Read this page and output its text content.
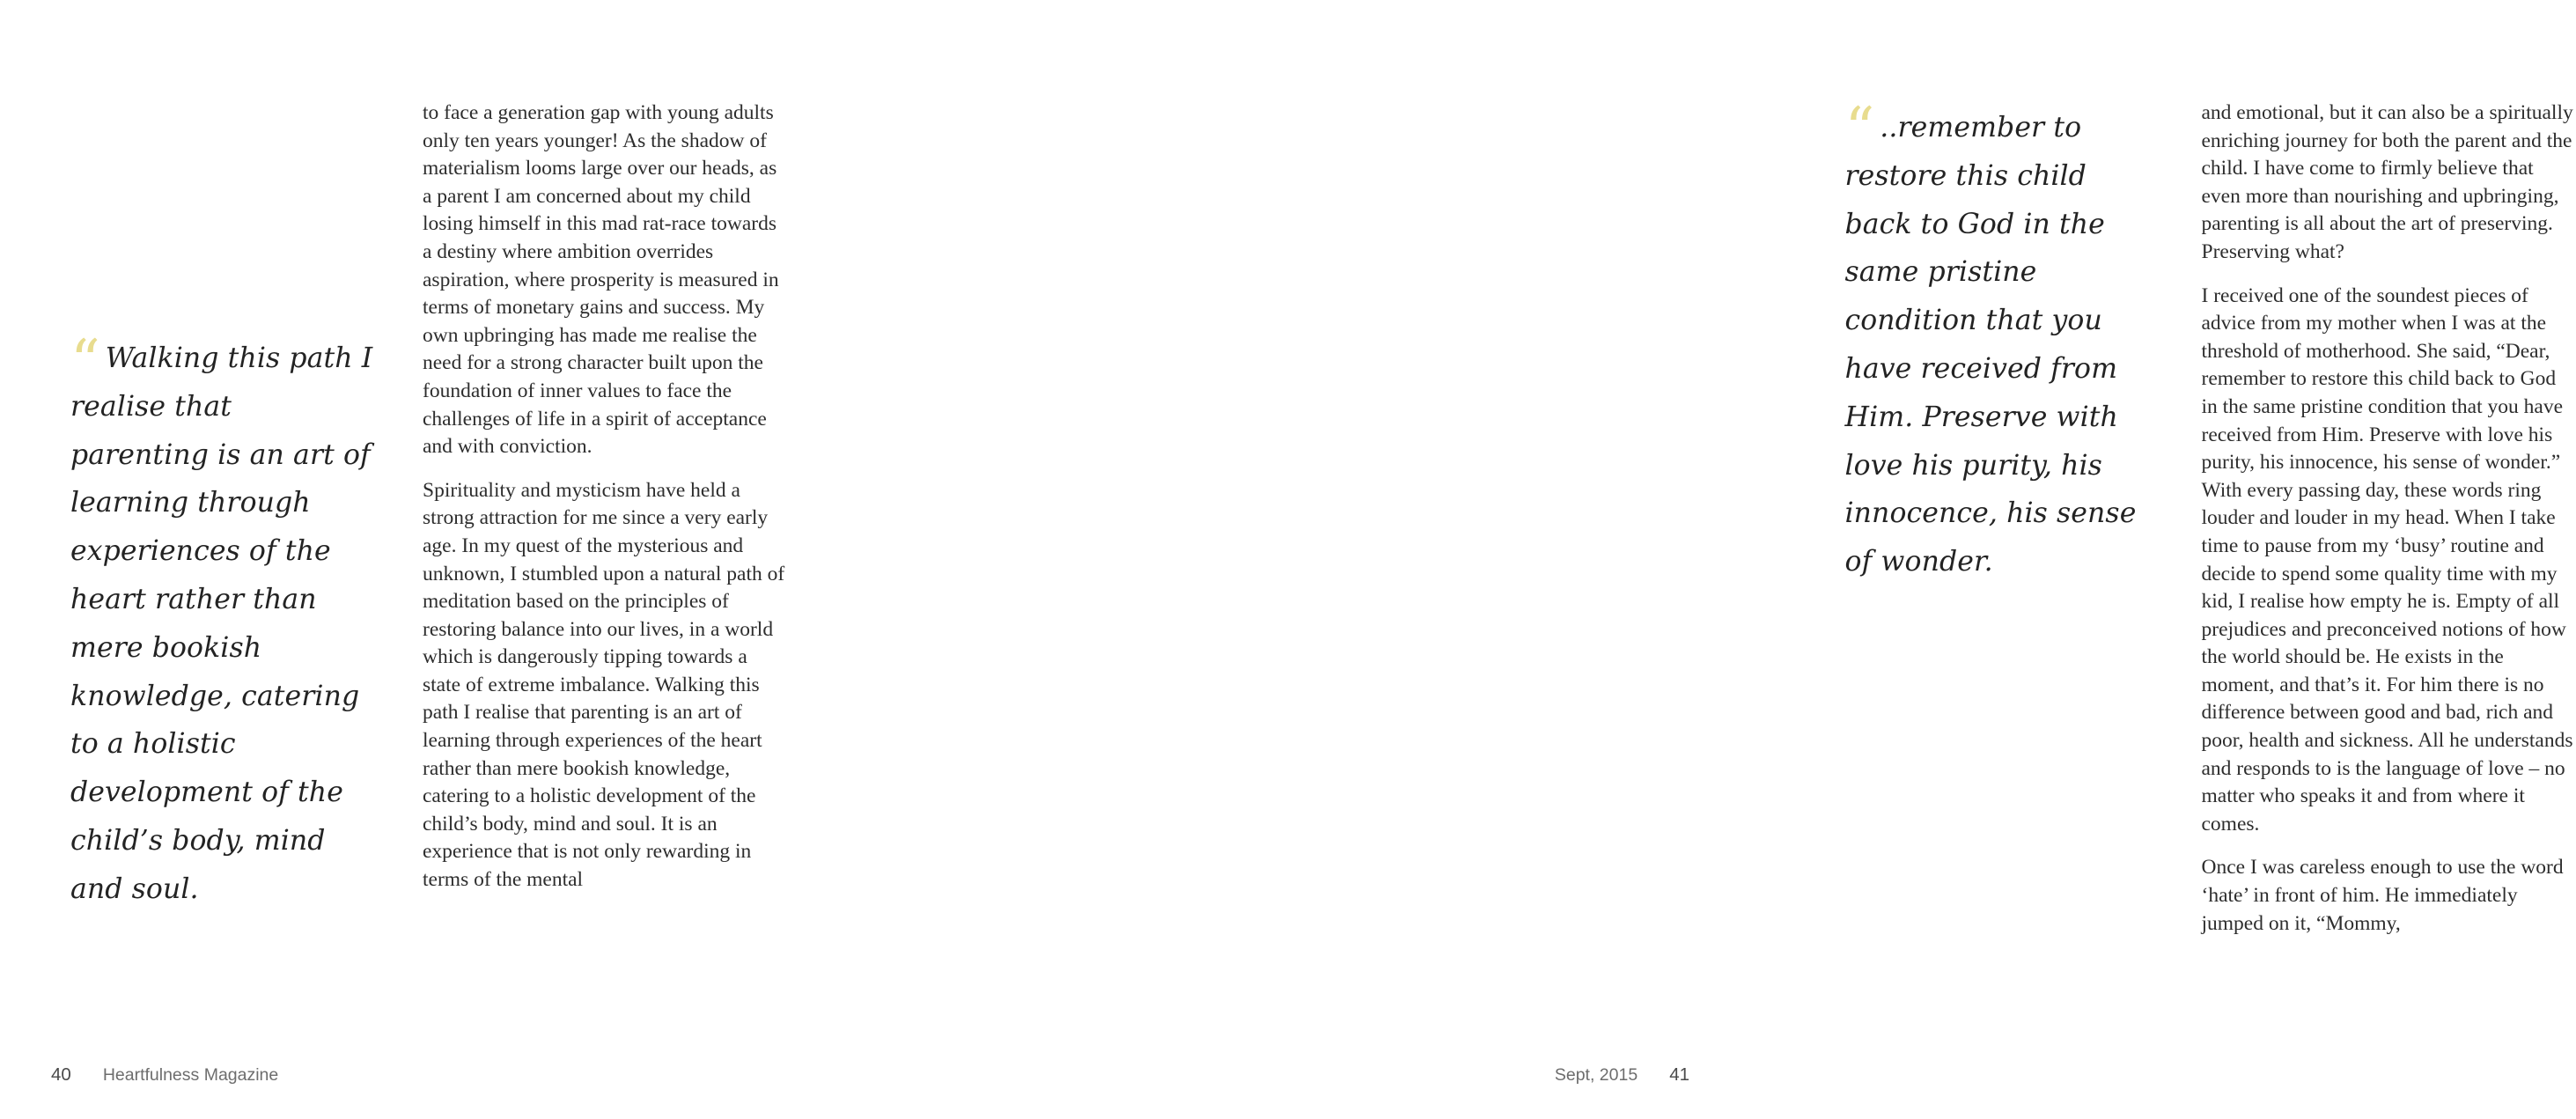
“ Walking this path I realise that parenting is an art of learning through experiences of the heart rather than mere bookish knowledge, catering to a holistic development of the child’s body, mind and soul.

to face a generation gap with young adults only ten years younger! As the shadow of materialism looms large over our heads, as a parent I am concerned about my child losing himself in this mad rat-race towards a destiny where ambition overrides aspiration, where prosperity is measured in terms of monetary gains and success. My own upbringing has made me realise the need for a strong character built upon the foundation of inner values to face the challenges of life in a spirit of acceptance and with conviction.

Spirituality and mysticism have held a strong attraction for me since a very early age. In my quest of the mysterious and unknown, I stumbled upon a natural path of meditation based on the principles of restoring balance into our lives, in a world which is dangerously tipping towards a state of extreme imbalance. Walking this path I realise that parenting is an art of learning through experiences of the heart rather than mere bookish knowledge, catering to a holistic development of the child’s body, mind and soul. It is an experience that is not only rewarding in terms of the mental

40 Heartfulness Magazine
“ ..remember to restore this child back to God in the same pristine condition that you have received from Him. Preserve with love his purity, his innocence, his sense of wonder.

and emotional, but it can also be a spiritually enriching journey for both the parent and the child. I have come to firmly believe that even more than nourishing and upbringing, parenting is all about the art of preserving. Preserving what?

I received one of the soundest pieces of advice from my mother when I was at the threshold of motherhood. She said, “Dear, remember to restore this child back to God in the same pristine condition that you have received from Him. Preserve with love his purity, his innocence, his sense of wonder.” With every passing day, these words ring louder and louder in my head. When I take time to pause from my ‘busy’ routine and decide to spend some quality time with my kid, I realise how empty he is. Empty of all prejudices and preconceived notions of how the world should be. He exists in the moment, and that’s it. For him there is no difference between good and bad, rich and poor, health and sickness. All he understands and responds to is the language of love – no matter who speaks it and from where it comes.

Once I was careless enough to use the word ‘hate’ in front of him. He immediately jumped on it, “Mommy,

Sept, 2015 41
